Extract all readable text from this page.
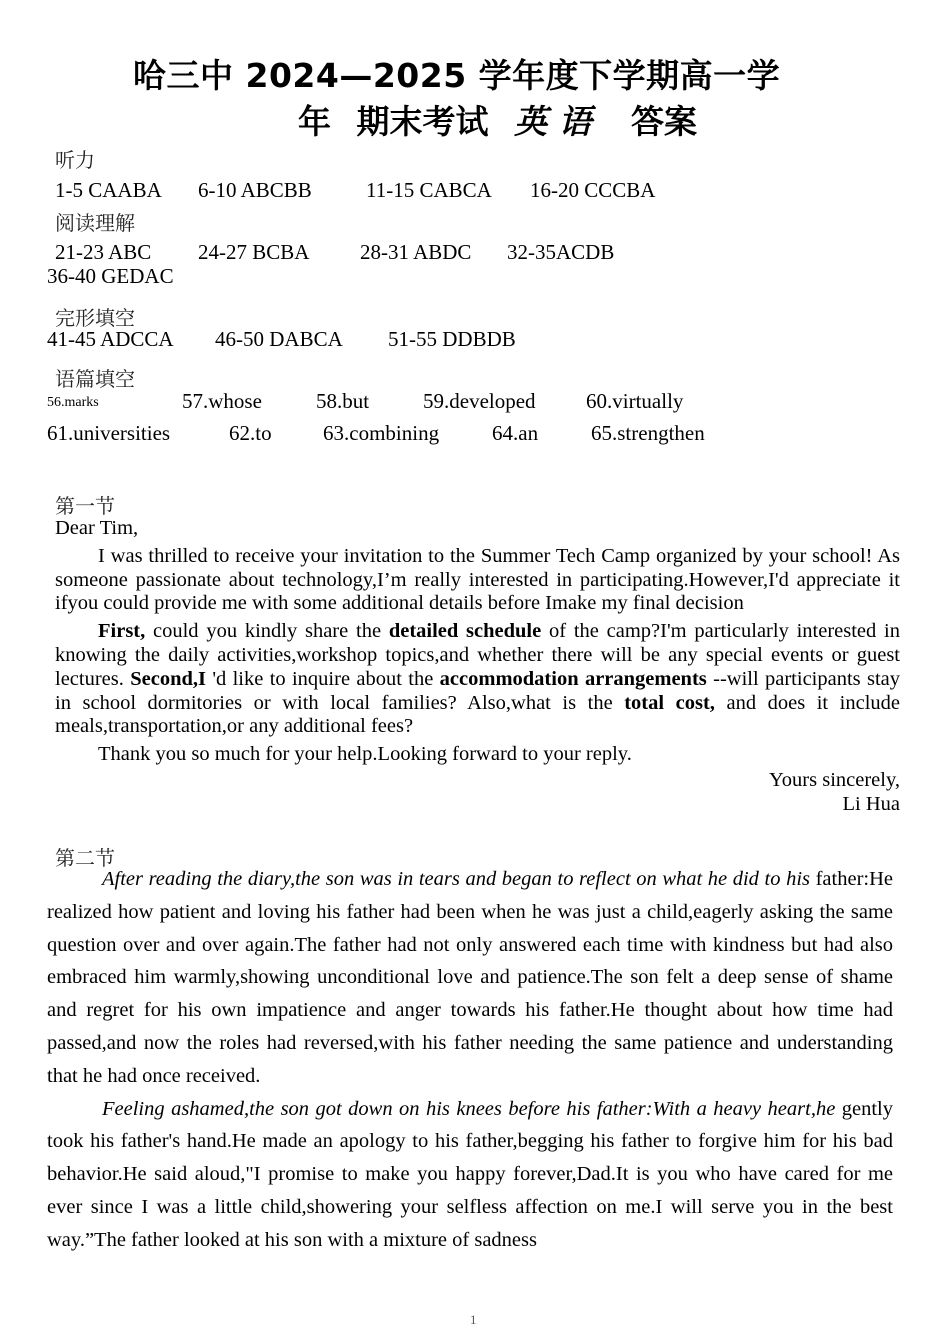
哈三中 2024—2025 学年度下学期高一学
年 期末考试 英 语 答案
听力
1-5 CAABA 6-10 ABCBB	11-15 CABCA 16-20 CCCBA
阅读理解
21-23 ABC 24-27 BCBA 28-31 ABDC 32-35ACDB
36-40 GEDAC
完形填空
41-45 ADCCA 46-50 DABCA 51-55 DDBDB
语篇填空
56.marks	57.whose	58.but	59.developed 60.virtually
61.universities	62.to 63.combining	64.an	65.strengthen
第一节

Dear Tim,

I was thrilled to receive your invitation to the Summer Tech Camp organized by your school! As someone passionate about technology,I’m really interested in participating.However,I'd appreciate it ifyou could provide me with some additional details before Imake my final decision

First, could you kindly share the detailed schedule of the camp?I'm particularly interested in knowing the daily activities,workshop topics,and whether there will be any special events or guest lectures. Second,I 'd like to inquire about the accommodation arrangements --will participants stay in school dormitories or with local families? Also,what is the total cost, and does it include meals,transportation,or any additional fees?

Thank you so much for your help.Looking forward to your reply.

Yours sincerely,

Li Hua

第二节

After reading the diary,the son was in tears and began to reflect on what he did to his father:He realized how patient and loving his father had been when he was just a child,eagerly asking the same question over and over again.The father had not only answered each time with kindness but had also embraced him warmly,showing unconditional love and patience.The son felt a deep sense of shame and regret for his own impatience and anger towards his father.He thought about how time had passed,and now the roles had reversed,with his father needing the same patience and understanding that he had once received.

Feeling ashamed,the son got down on his knees before his father:With a heavy heart,he gently took his father's hand.He made an apology to his father,begging his father to forgive him for his bad behavior.He said aloud,"I promise to make you happy forever,Dad.It is you who have cared for me ever since I was a little child,showering your selfless affection on me.I will serve you in the best way.”The father looked at his son with a mixture of sadness

1
